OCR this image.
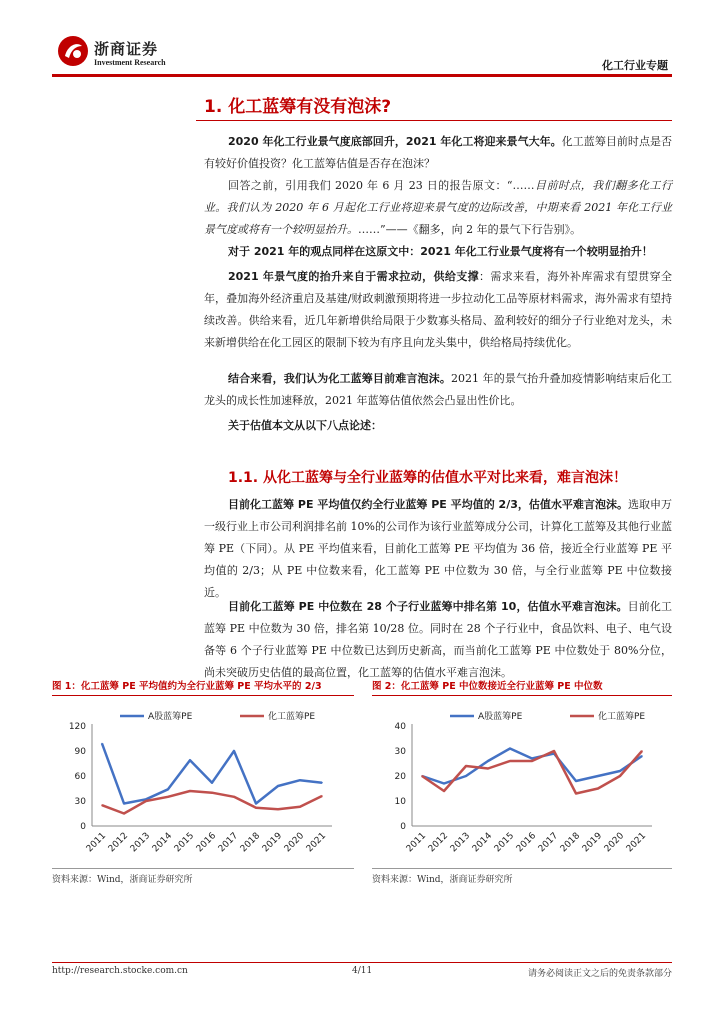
浙商证券
Investment Research	化工行业专题
1. 化工蓝筹有没有泡沫?

2020 年化工行业景气度底部回升，2021 年化工将迎来景气大年。化工蓝筹目前时点是否有较好价值投资？化工蓝筹估值是否存在泡沫？

回答之前，引用我们 2020 年 6 月 23 日的报告原文：“……目前时点，我们翻多化工行业。我们认为 2020 年 6 月起化工行业将迎来景气度的边际改善，中期来看 2021 年化工行业景气度或将有一个较明显抬升。……”——《翻多，向 2 年的景气下行告别》。

对于 2021 年的观点同样在这原文中：2021 年化工行业景气度将有一个较明显抬升！

2021 年景气度的抬升来自于需求拉动，供给支撑：需求来看，海外补库需求有望贯穿全年，叠加海外经济重启及基建/财政刺激预期将进一步拉动化工品等原材料需求，海外需求有望持续改善。供给来看，近几年新增供给局限于少数寡头格局、盈利较好的细分子行业绝对龙头，未来新增供给在化工园区的限制下较为有序且向龙头集中，供给格局持续优化。

结合来看，我们认为化工蓝筹目前难言泡沫。2021 年的景气抬升叠加疫情影响结束后化工龙头的成长性加速释放，2021 年蓝筹估值依然会凸显出性价比。

关于估值本文从以下八点论述：

1.1. 从化工蓝筹与全行业蓝筹的估值水平对比来看，难言泡沫！

目前化工蓝筹 PE 平均值仅约全行业蓝筹 PE 平均值的 2/3，估值水平难言泡沫。选取申万一级行业上市公司利润排名前 10%的公司作为该行业蓝筹成分公司，计算化工蓝筹及其他行业蓝筹 PE（下同）。从 PE 平均值来看，目前化工蓝筹 PE 平均值为 36 倍，接近全行业蓝筹 PE 平均值的 2/3；从 PE 中位数来看，化工蓝筹 PE 中位数为 30 倍，与全行业蓝筹 PE 中位数接近。

目前化工蓝筹 PE 中位数在 28 个子行业蓝筹中排名第 10，估值水平难言泡沫。目前化工蓝筹 PE 中位数为 30 倍，排名第 10/28 位。同时在 28 个子行业中，食品饮料、电子、电气设备等 6 个子行业蓝筹 PE 中位数已达到历史新高，而当前化工蓝筹 PE 中位数处于 80%分位，尚未突破历史估值的最高位置，化工蓝筹的估值水平难言泡沫。

图 1：化工蓝筹 PE 平均值约为全行业蓝筹 PE 平均水平的 2/3	图 2：化工蓝筹 PE 中位数接近全行业蓝筹 PE 中位数
A股蓝筹PE	化工蓝筹PE
0
30
60
90
120
2011
2012
2013
2014
2015
2016
2017
2018
2019
2020
2021
A股蓝筹PE	化工蓝筹PE
0
10
20
30
40
2011
2012
2013
2014
2015
2016
2017
2018
2019
2020
2021
资料来源：Wind，浙商证券研究所	资料来源：Wind，浙商证券研究所
http://research.stocke.com.cn	4/11	请务必阅读正文之后的免责条款部分
